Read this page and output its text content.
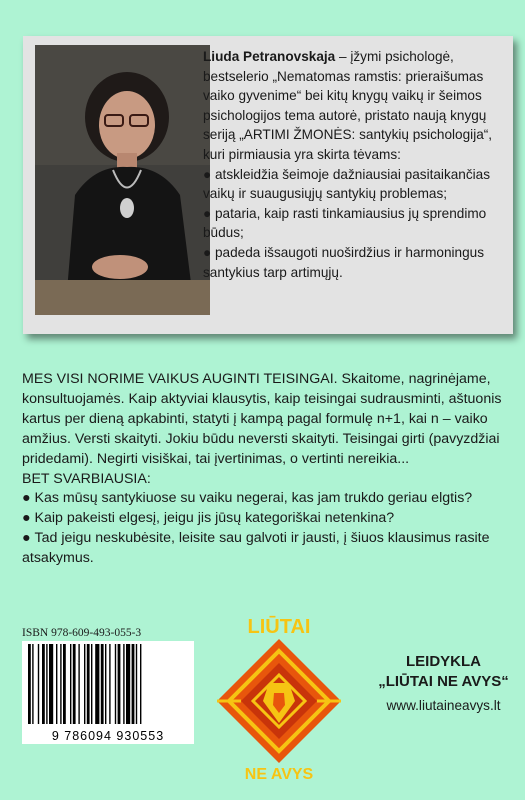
Liuda Petranovskaja – įžymi psichologė, bestselerio „Nematomas ramstis: prieraišumas vaiko gyvenime“ bei kitų knygų vaikų ir šeimos psichologijos tema autorė, pristato naują knygų seriją „ARTIMI ŽMONĖS: santykių psichologija“, kuri pirmiausia yra skirta tėvams:

● atskleidžia šeimoje dažniausiai pasitaikančias vaikų ir suaugusiųjų santykių problemas;
● pataria, kaip rasti tinkamiausius jų sprendimo būdus;
● padeda išsaugoti nuoširdžius ir harmoningus santykius tarp artimųjų.

MES VISI NORIME VAIKUS AUGINTI TEISINGAI. Skaitome, nagrinėjame, konsultuojamės. Kaip aktyviai klausytis, kaip teisingai sudrausminti, aštuonis kartus per dieną apkabinti, statyti į kampą pagal formulę n+1, kai n – vaiko amžius. Versti skaityti. Jokiu būdu neversti skaityti. Teisingai girti (pavyzdžiai pridedami). Negirti visiškai, tai įvertinimas, o vertinti nereikia...

BET SVARBIAUSIA:

● Kas mūsų santykiuose su vaiku negerai, kas jam trukdo geriau elgtis?
● Kaip pakeisti elgesį, jeigu jis jūsų kategoriškai netenkina?
● Tad jeigu neskubėsite, leisite sau galvoti ir jausti, į šiuos klausimus rasite atsakymus.
ISBN 978-609-493-055-3
9 786094 930553
LIŪTAI
NE AVYS
LEIDYKLA
„LIŪTAI NE AVYS“
www.liutaineavys.lt
